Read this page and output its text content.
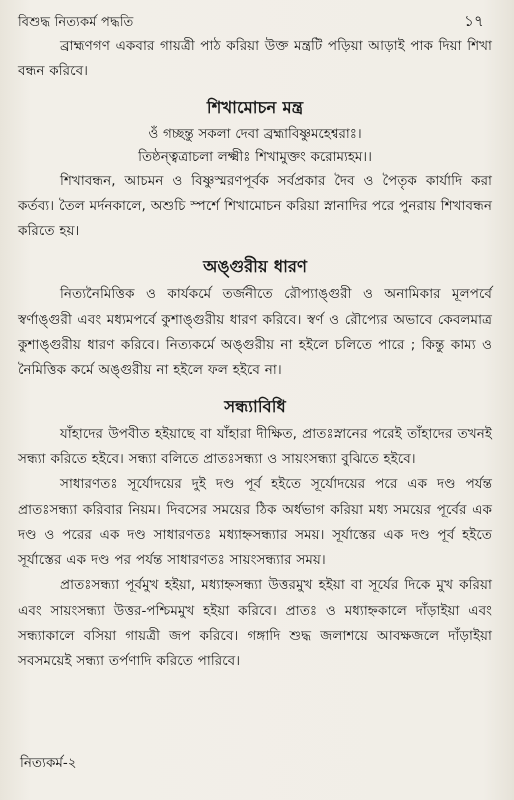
বিশুদ্ধ নিত্যকর্ম পদ্ধতি	১৭

ব্রাহ্মণগণ একবার গায়ত্রী পাঠ করিয়া উক্ত মন্ত্রটি পড়িয়া আড়াই পাক দিয়া শিখা বন্ধন করিবে।

শিখামোচন মন্ত্র
ওঁ গচ্ছন্তু সকলা দেবা ব্রহ্মাবিষ্ণুমহেশ্বরাঃ।
তিষ্ঠন্ত্বত্রাচলা লক্ষ্মীঃ শিখামুক্তং করোম্যহম।।

শিখাবন্ধন, আচমন ও বিষ্ণুস্মরণপূর্বক সর্বপ্রকার দৈব ও পৈতৃক কার্যাদি করা কর্তব্য। তৈল মর্দনকালে, অশুচি স্পর্শে শিখামোচন করিয়া স্নানাদির পরে পুনরায় শিখাবন্ধন করিতে হয়।

অঙ্গুরীয় ধারণ

নিত্যনৈমিত্তিক ও কার্যকর্মে তর্জনীতে রৌপ্যাঙ্গুরী ও অনামিকার মূলপর্বে স্বর্ণাঙ্গুরী এবং মধ্যমপর্বে কুশাঙ্গুরীয় ধারণ করিবে। স্বর্ণ ও রৌপ্যের অভাবে কেবলমাত্র কুশাঙ্গুরীয় ধারণ করিবে। নিত্যকর্মে অঙ্গুরীয় না হইলে চলিতে পারে ; কিন্তু কাম্য ও নৈমিত্তিক কর্মে অঙ্গুরীয় না হইলে ফল হইবে না।

সন্ধ্যাবিধি

যাঁহাদের উপবীত হইয়াছে বা যাঁহারা দীক্ষিত, প্রাতঃস্নানের পরেই তাঁহাদের তখনই সন্ধ্যা করিতে হইবে। সন্ধ্যা বলিতে প্রাতঃসন্ধ্যা ও সায়ংসন্ধ্যা বুঝিতে হইবে।

সাধারণতঃ সূর্যোদয়ের দুই দণ্ড পূর্ব হইতে সূর্যোদয়ের পরে এক দণ্ড পর্যন্ত প্রাতঃসন্ধ্যা করিবার নিয়ম। দিবসের সময়ের ঠিক অর্ধভাগ করিয়া মধ্য সময়ের পূর্বের এক দণ্ড ও পরের এক দণ্ড সাধারণতঃ মধ্যাহ্নসন্ধ্যার সময়। সূর্যাস্তের এক দণ্ড পূর্ব হইতে সূর্যাস্তের এক দণ্ড পর পর্যন্ত সাধারণতঃ সায়ংসন্ধ্যার সময়।

প্রাতঃসন্ধ্যা পূর্বমুখ হইয়া, মধ্যাহ্নসন্ধ্যা উত্তরমুখ হইয়া বা সূর্যের দিকে মুখ করিয়া এবং সায়ংসন্ধ্যা উত্তর-পশ্চিমমুখ হইয়া করিবে। প্রাতঃ ও মধ্যাহ্নকালে দাঁড়াইয়া এবং সন্ধ্যাকালে বসিয়া গায়ত্রী জপ করিবে। গঙ্গাদি শুদ্ধ জলাশয়ে আবক্ষজলে দাঁড়াইয়া সবসময়েই সন্ধ্যা তর্পণাদি করিতে পারিবে।

নিত্যকর্ম-২
